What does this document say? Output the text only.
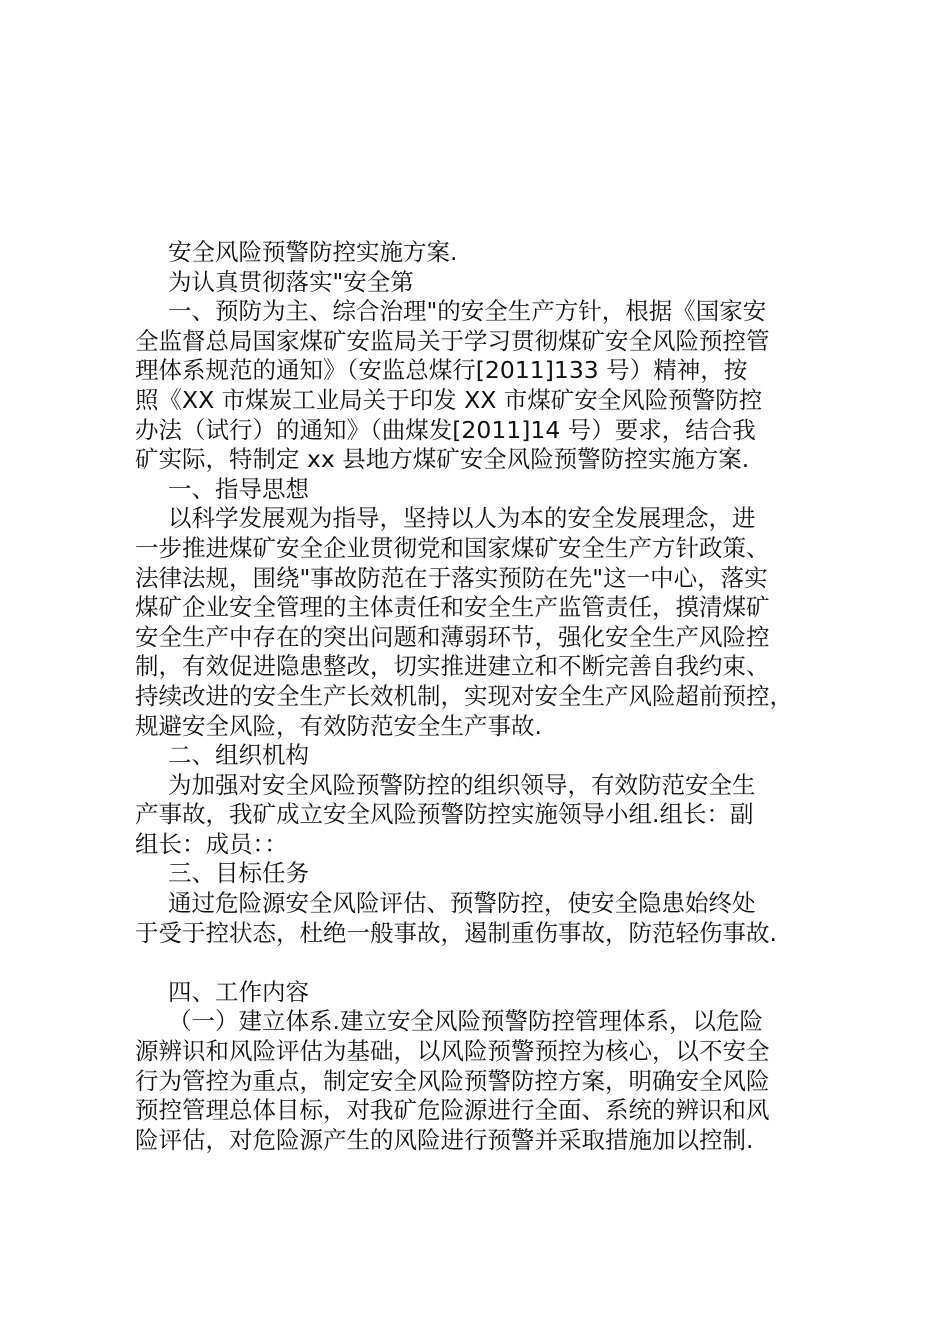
安全风险预警防控实施方案.

为认真贯彻落实"安全第

一、预防为主、综合治理"的安全生产方针，根据《国家安

全监督总局国家煤矿安监局关于学习贯彻煤矿安全风险预控管

理体系规范的通知》（安监总煤行[2011]133 号）精神，按

照《XX 市煤炭工业局关于印发 XX 市煤矿安全风险预警防控

办法（试行）的通知》（曲煤发[2011]14 号）要求，结合我

矿实际，特制定 xx 县地方煤矿安全风险预警防控实施方案.

一、指导思想

以科学发展观为指导，坚持以人为本的安全发展理念，进

一步推进煤矿安全企业贯彻党和国家煤矿安全生产方针政策、

法律法规，围绕"事故防范在于落实预防在先"这一中心，落实

煤矿企业安全管理的主体责任和安全生产监管责任，摸清煤矿

安全生产中存在的突出问题和薄弱环节，强化安全生产风险控

制，有效促进隐患整改，切实推进建立和不断完善自我约束、

持续改进的安全生产长效机制，实现对安全生产风险超前预控，

规避安全风险，有效防范安全生产事故.

二、组织机构

为加强对安全风险预警防控的组织领导，有效防范安全生

产事故，我矿成立安全风险预警防控实施领导小组.组长：副

组长：成员：：

三、目标任务

通过危险源安全风险评估、预警防控，使安全隐患始终处

于受于控状态，杜绝一般事故，遏制重伤事故，防范轻伤事故.

四、工作内容

（一）建立体系.建立安全风险预警防控管理体系，以危险

源辨识和风险评估为基础，以风险预警预控为核心，以不安全

行为管控为重点，制定安全风险预警防控方案，明确安全风险

预控管理总体目标，对我矿危险源进行全面、系统的辨识和风

险评估，对危险源产生的风险进行预警并采取措施加以控制.
